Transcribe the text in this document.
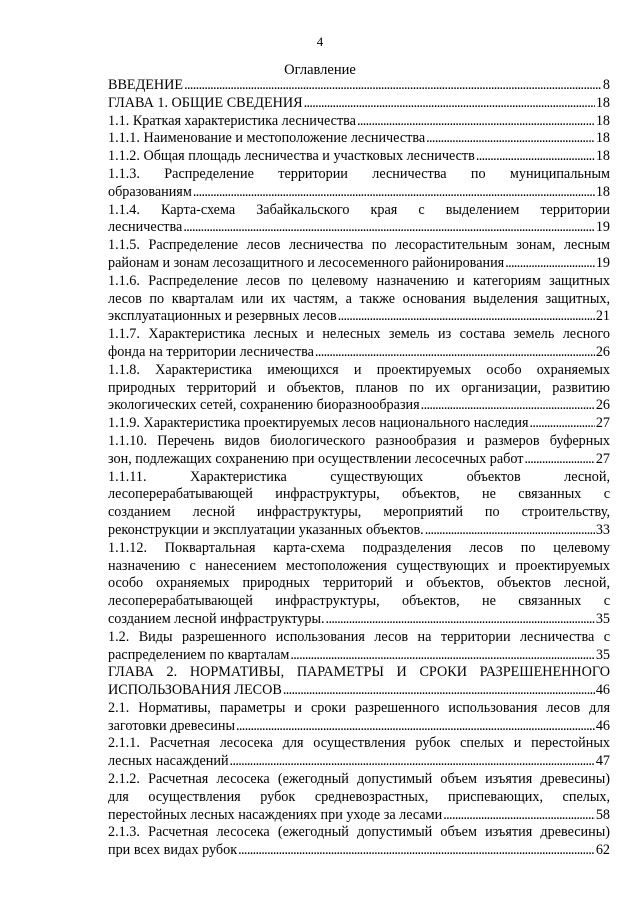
4
Оглавление
ВВЕДЕНИЕ . . .	8
ГЛАВА 1. ОБЩИЕ СВЕДЕНИЯ . . .	18
1.1. Краткая характеристика лесничества . . .	18
1.1.1. Наименование и местоположение лесничества . . .	18
1.1.2. Общая площадь лесничества и участковых лесничеств . . .	18
1.1.3. Распределение территории лесничества по муниципальным
образованиям . . .	18
1.1.4. Карта-схема Забайкальского края с выделением территории
лесничества . . .	19
1.1.5. Распределение лесов лесничества по лесорастительным зонам, лесным
районам и зонам лесозащитного и лесосеменного районирования . . .	19
1.1.6. Распределение лесов по целевому назначению и категориям защитных
лесов по кварталам или их частям, а также основания выделения защитных,
эксплуатационных и резервных лесов . . .	21
1.1.7. Характеристика лесных и нелесных земель из состава земель лесного
фонда на территории лесничества . . .	26
1.1.8. Характеристика имеющихся и проектируемых особо охраняемых
природных территорий и объектов, планов по их организации, развитию
экологических сетей, сохранению биоразнообразия . . .	26
1.1.9. Характеристика проектируемых лесов национального наследия . . .	27
1.1.10. Перечень видов биологического разнообразия и размеров буферных
зон, подлежащих сохранению при осуществлении лесосечных работ . . .	27
1.1.11. Характеристика существующих объектов лесной,
лесоперерабатывающей инфраструктуры, объектов, не связанных с
созданием лесной инфраструктуры, мероприятий по строительству,
реконструкции и эксплуатации указанных объектов. . . .	33
1.1.12. Поквартальная карта-схема подразделения лесов по целевому
назначению с нанесением местоположения существующих и проектируемых
особо охраняемых природных территорий и объектов, объектов лесной,
лесоперерабатывающей инфраструктуры, объектов, не связанных с
созданием лесной инфраструктуры. . . .	35
1.2. Виды разрешенного использования лесов на территории лесничества с
распределением по кварталам . . .	35
ГЛАВА 2. НОРМАТИВЫ, ПАРАМЕТРЫ И СРОКИ РАЗРЕШЕНЕННОГО
ИСПОЛЬЗОВАНИЯ ЛЕСОВ . . .	46
2.1. Нормативы, параметры и сроки разрешенного использования лесов для
заготовки древесины . . .	46
2.1.1. Расчетная лесосека для осуществления рубок спелых и перестойных
лесных насаждений . . .	47
2.1.2. Расчетная лесосека (ежегодный допустимый объем изъятия древесины)
для осуществления рубок средневозрастных, приспевающих, спелых,
перестойных лесных насаждениях при уходе за лесами . . .	58
2.1.3. Расчетная лесосека (ежегодный допустимый объем изъятия древесины)
при всех видах рубок . . .	62
